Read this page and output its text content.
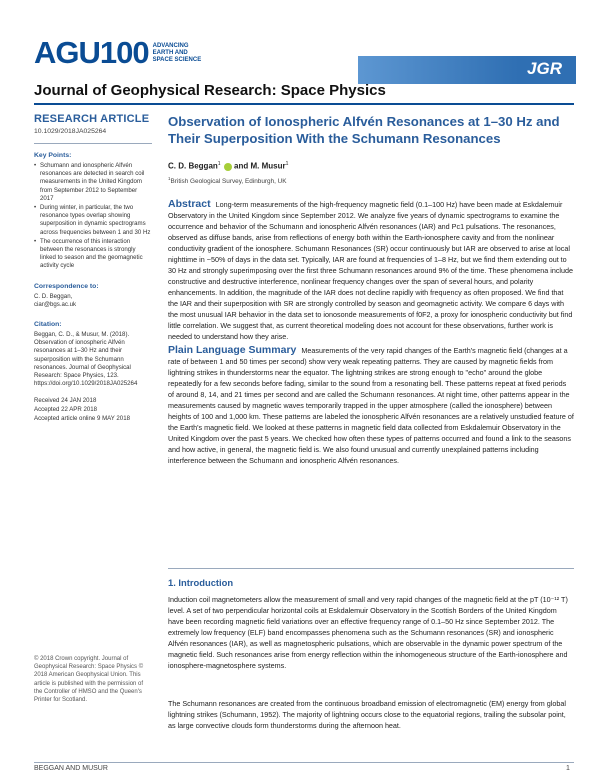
AGU100 ADVANCING
EARTH AND
SPACE SCIENCE	JGR
Journal of Geophysical Research: Space Physics
RESEARCH ARTICLE
10.1029/2018JA025264
Key Points:
• Schumann and ionospheric Alfvén resonances are detected in search coil measurements in the United Kingdom from September 2012 to September 2017
• During winter, in particular, the two resonance types overlap showing superposition in dynamic spectrograms across frequencies between 1 and 30 Hz
• The occurrence of this interaction between the resonances is strongly linked to season and the geomagnetic activity cycle
Correspondence to:
C. D. Beggan,
ciar@bgs.ac.uk
Citation:
Beggan, C. D., & Musur, M. (2018). Observation of ionospheric Alfvén resonances at 1–30 Hz and their superposition with the Schumann resonances. Journal of Geophysical Research: Space Physics, 123. https://doi.org/10.1029/2018JA025264
Received 24 JAN 2018
Accepted 22 APR 2018
Accepted article online 9 MAY 2018
© 2018 Crown copyright. Journal of Geophysical Research: Space Physics © 2018 American Geophysical Union. This article is published with the permission of the Controller of HMSO and the Queen's Printer for Scotland.
Observation of Ionospheric Alfvén Resonances at 1–30 Hz and Their Superposition With the Schumann Resonances
C. D. Beggan$^1$  and M. Musur$^1$
$^1$British Geological Survey, Edinburgh, UK

Abstract Long-term measurements of the high-frequency magnetic field (0.1–100 Hz) have been made at Eskdalemuir Observatory in the United Kingdom since September 2012. We analyze five years of dynamic spectrograms to examine the occurrence and behavior of the Schumann and ionospheric Alfvén resonances (IAR) and Pc1 pulsations. The resonances, observed as diffuse bands, arise from reflections of energy both within the Earth-ionosphere cavity and from the nonlinear conductivity gradient of the ionosphere. Schumann Resonances (SR) occur continuously but IAR are observed to arise at local nighttime in ~50% of days in the data set. Typically, IAR are found at frequencies of 1–8 Hz, but we find them extending out to 30 Hz and strongly superimposing over the first three Schumann resonances around 9% of the time. These phenomena include constructive and destructive interference, nonlinear frequency changes over the span of several hours, and polarity enhancements. In addition, the magnitude of the IAR does not decline rapidly with frequency as often proposed. We find that the IAR and their superposition with SR are strongly controlled by season and geomagnetic activity. We compare 6 days with the most unusual IAR behavior in the data set to ionosonde measurements of f0F2, a proxy for ionospheric conductivity but find little correlation. We suggest that, as current theoretical modeling does not account for these observations, further work is needed to understand how they arise.

Plain Language Summary Measurements of the very rapid changes of the Earth's magnetic field (changes at a rate of between 1 and 50 times per second) show very weak repeating patterns. They are caused by magnetic fields from lightning strikes in thunderstorms near the equator. The lightning strikes are strong enough to "echo" around the globe repeatedly for a few seconds before fading, similar to the sound from a resonating bell. These patterns repeat at fixed periods of around 8, 14, and 21 times per second and are called the Schumann resonances. At night time, other patterns appear in the measurements caused by magnetic waves temporarily trapped in the upper atmosphere (called the ionosphere) between heights of 100 and 1,000 km. These patterns are labeled the ionospheric Alfvén resonances are a relatively unstudied feature of the Earth's magnetic field. We looked at these patterns in magnetic field data collected from Eskdalemuir Observatory in the United Kingdom over the past 5 years. We checked how often these types of patterns occurred and found a link to the seasons and how active, in general, the magnetic field is. We also found unusual and currently unexplained patterns including interference between the Schumann and ionospheric Alfvén resonances.

1. Introduction

Induction coil magnetometers allow the measurement of small and very rapid changes of the magnetic field at the pT (10⁻¹² T) level. A set of two perpendicular horizontal coils at Eskdalemuir Observatory in the Scottish Borders of the United Kingdom have been recording magnetic field variations over an effective frequency range of 0.1–50 Hz since September 2012. The extremely low frequency (ELF) band encompasses phenomena such as the Schumann resonances (SR) and ionospheric Alfvén resonances (IAR), as well as magnetospheric pulsations, which are observable in the dynamic power spectrum of the magnetic field. Such resonances arise from energy reflection within the inhomogeneous structure of the Earth-ionosphere and ionosphere-magnetosphere systems.

The Schumann resonances are created from the continuous broadband emission of electromagnetic (EM) energy from global lightning strikes (Schumann, 1952). The majority of lightning occurs close to the equatorial regions, trailing the subsolar point, as large convective clouds form thunderstorms during the afternoon heat.

BEGGAN AND MUSUR	1
